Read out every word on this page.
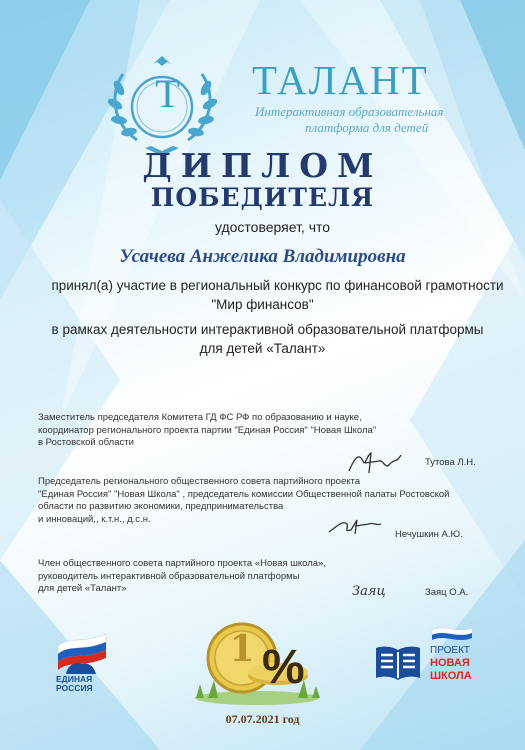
Т	ТАЛАНТ
Интерактивная образовательная
платформа для детей
ДИПЛОМ
ПОБЕДИТЕЛЯ
удостоверяет, что
Усачева Анжелика Владимировна
принял(а) участие в региональный конкурс по финансовой грамотности
"Мир финансов"
в рамках деятельности интерактивной образовательной платформы
для детей «Талант»
Заместитель председателя Комитета ГД ФС РФ по образованию и науке,
координатор регионального проекта партии "Единая Россия" "Новая Школа"
в Ростовской области
Тутова Л.Н.
Председатель регионального общественного совета партийного проекта
"Единая Россия" "Новая Школа" , председатель комиссии Общественной палаты Ростовской
области по развитию экономики, предпринимательства
и инноваций,, к.т.н., д.с.н.
Нечушкин А.Ю.
Член общественного совета партийного проекта «Новая школа»,
руководитель интерактивной образовательной платформы
для детей «Талант»	Заяц	Заяц О.А.
ЕДИНАЯ
РОССИЯ
1 %
07.07.2021 год
ПРОЕКТ
НОВАЯ
ШКОЛА
